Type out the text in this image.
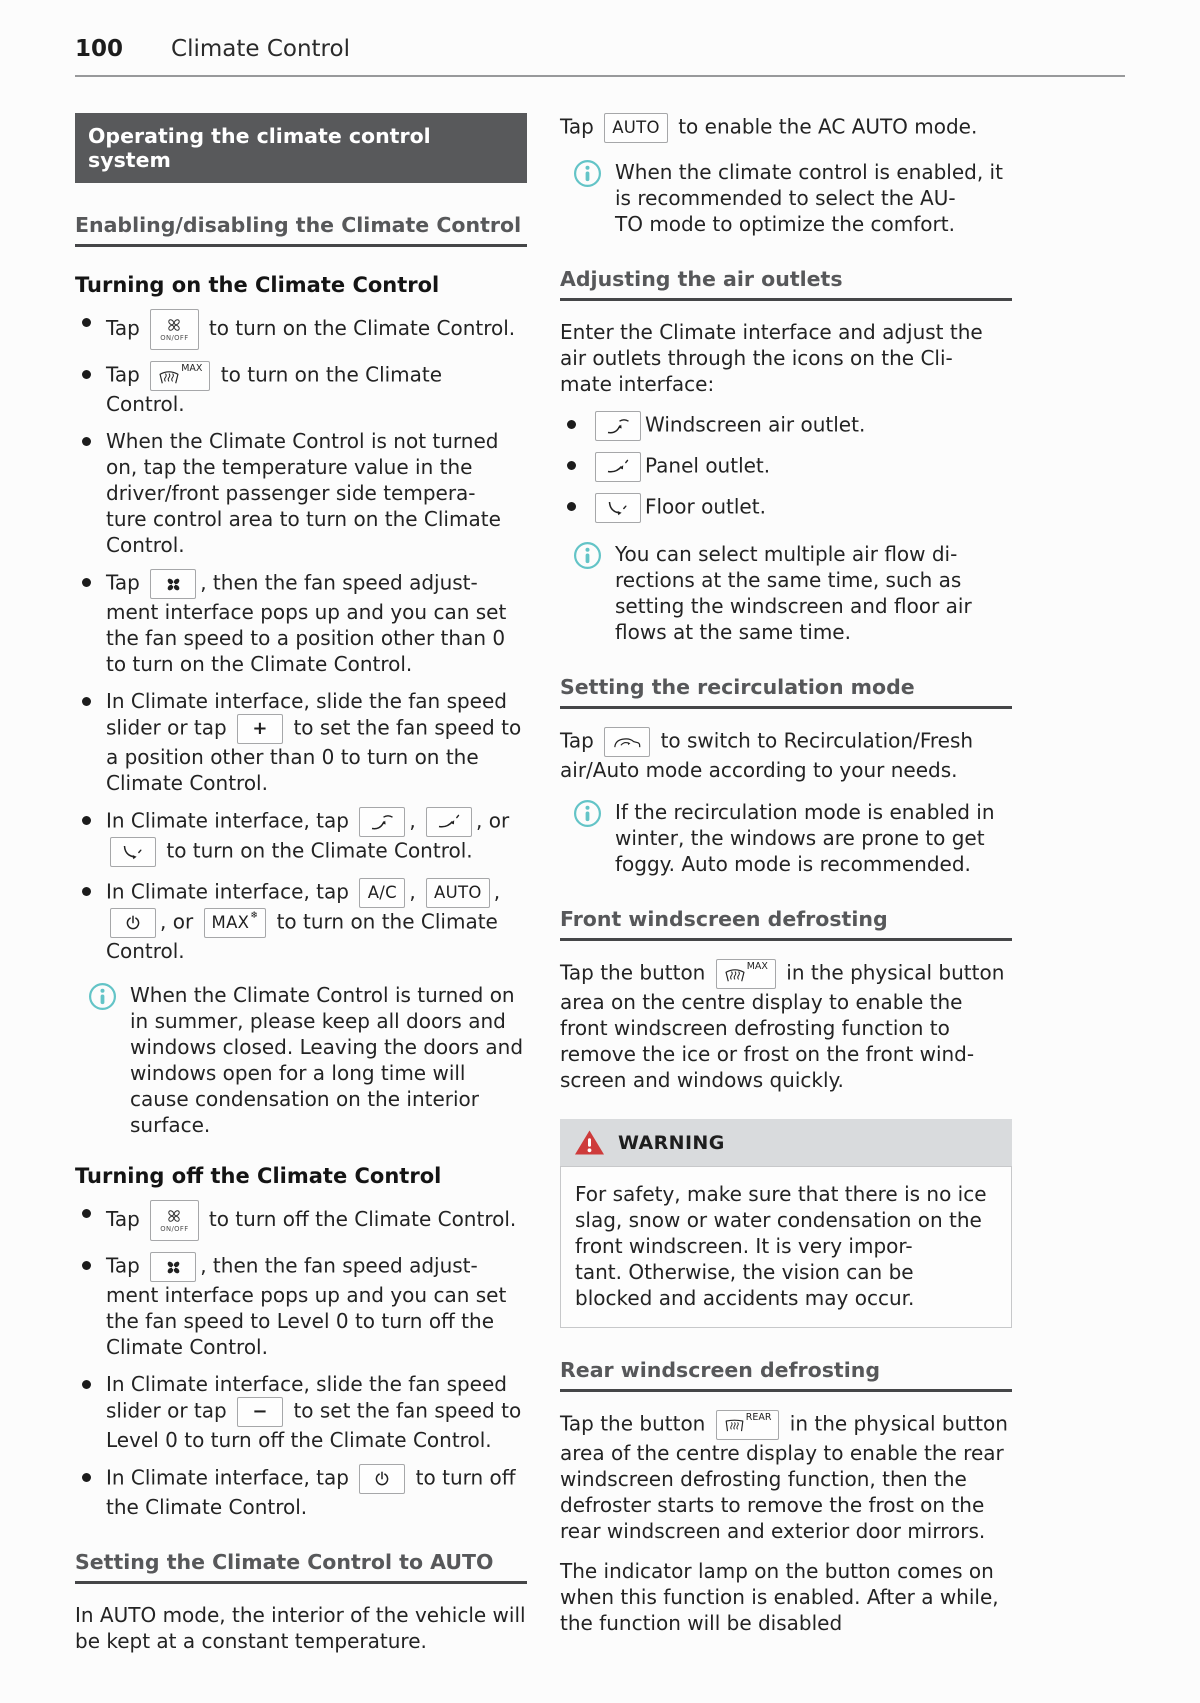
100 Climate Control
Operating the climate control system
Enabling/disabling the Climate Control
Turning on the Climate Control
Tap ON/OFF to turn on the Climate Control.
Tap	MAX to turn on the Climate Control.
When the Climate Control is not turned on, tap the temperature value in the driver/front passenger side tempera-
ture control area to turn on the Climate Control.
Tap	, then the fan speed adjust-
ment interface pops up and you can set the fan speed to a position other than 0 to turn on the Climate Control.
In Climate interface, slide the fan speed slider or tap + to set the fan speed to a position other than 0 to turn on the Climate Control.
In Climate interface, tap	,	, or

to turn on the Climate Control.
In Climate interface, tap A/C , AUTO ,

, or MAX ❄ to turn on the Climate Control.
When the Climate Control is turned on in summer, please keep all doors and windows closed. Leaving the doors and windows open for a long time will cause condensation on the interior surface.
Turning off the Climate Control
Tap ON/OFF to turn off the Climate Control.
Tap	, then the fan speed adjust-
ment interface pops up and you can set the fan speed to Level 0 to turn off the Climate Control.
In Climate interface, slide the fan speed slider or tap − to set the fan speed to Level 0 to turn off the Climate Control.
In Climate interface, tap	to turn off the Climate Control.
Setting the Climate Control to AUTO

In AUTO mode, the interior of the vehicle will be kept at a constant temperature.

Tap AUTO to enable the AC AUTO mode.

When the climate control is enabled, it is recommended to select the AU-
TO mode to optimize the comfort.
Adjusting the air outlets

Enter the Climate interface and adjust the air outlets through the icons on the Cli-
mate interface:

Windscreen air outlet.
Panel outlet.
Floor outlet.
You can select multiple air flow di-
rections at the same time, such as setting the windscreen and floor air flows at the same time.
Setting the recirculation mode

Tap	to switch to Recirculation/Fresh
air/Auto mode according to your needs.

If the recirculation mode is enabled in winter, the windows are prone to get foggy. Auto mode is recommended.
Front windscreen defrosting

Tap the button	MAX in the physical button area on the centre display to enable the front windscreen defrosting function to remove the ice or frost on the front wind-
screen and windows quickly.

WARNING
For safety, make sure that there is no ice slag, snow or water condensation on the front windscreen. It is very impor-
tant. Otherwise, the vision can be blocked and accidents may occur.
Rear windscreen defrosting

Tap the button	REAR in the physical button area of the centre display to enable the rear windscreen defrosting function, then the defroster starts to remove the frost on the rear windscreen and exterior door mirrors.

The indicator lamp on the button comes on when this function is enabled. After a while, the function will be disabled
